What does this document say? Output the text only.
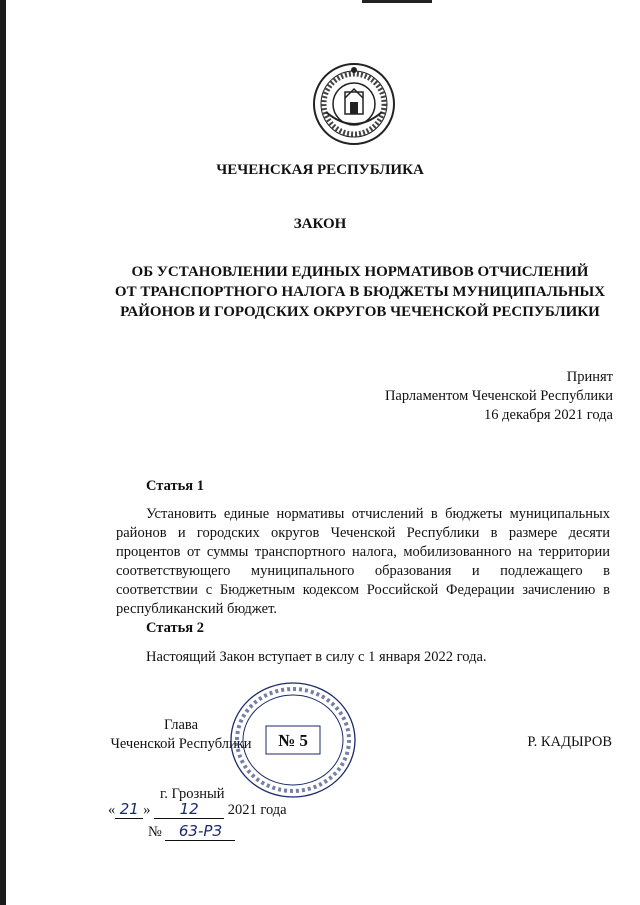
ЧЕЧЕНСКАЯ РЕСПУБЛИКА
ЗАКОН
ОБ УСТАНОВЛЕНИИ ЕДИНЫХ НОРМАТИВОВ ОТЧИСЛЕНИЙ
ОТ ТРАНСПОРТНОГО НАЛОГА В БЮДЖЕТЫ МУНИЦИПАЛЬНЫХ
РАЙОНОВ И ГОРОДСКИХ ОКРУГОВ ЧЕЧЕНСКОЙ РЕСПУБЛИКИ
Принят
Парламентом Чеченской Республики
16 декабря 2021 года
Статья 1
Установить единые нормативы отчислений в бюджеты муниципальных районов и городских округов Чеченской Республики в размере десяти процентов от суммы транспортного налога, мобилизованного на территории соответствующего муниципального образования и подлежащего в соответствии с Бюджетным кодексом Российской Федерации зачислению в республиканский бюджет.
Статья 2
Настоящий Закон вступает в силу с 1 января 2022 года.
Глава
Чеченской Республики № 5	Р. КАДЫРОВ
г. Грозный
« 21 » 12 2021 года
№ 63-РЗ
